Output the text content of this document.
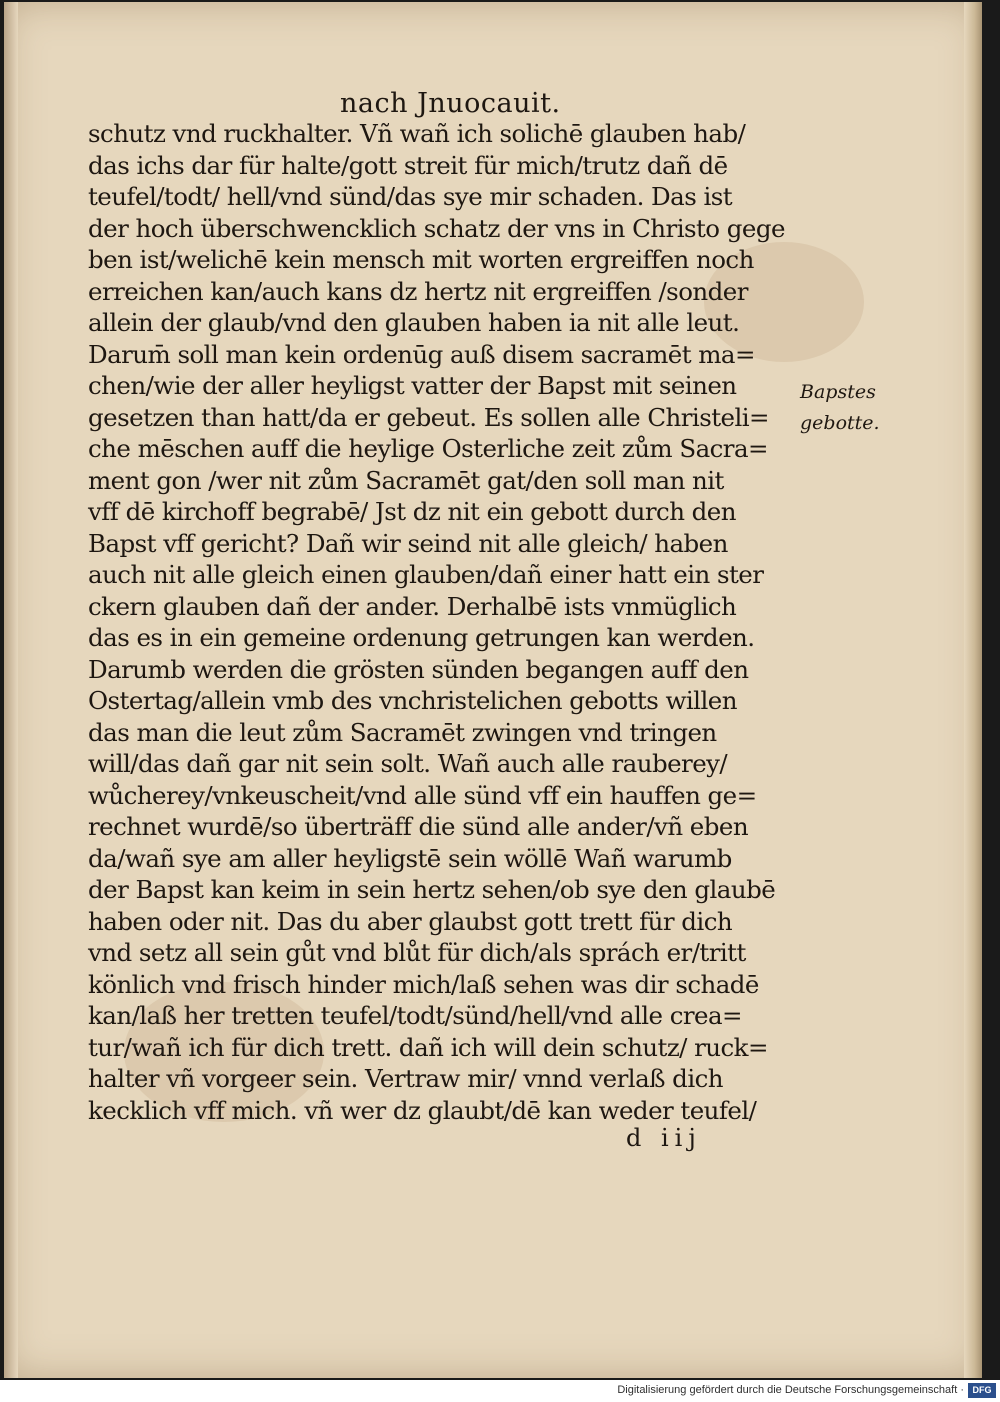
nach Jnuocauit.
schutz vnd ruckhalter. Vñ wañ ich solichē glauben hab/
das ichs dar für halte/gott streit für mich/trutz dañ dē
teufel/todt/ hell/vnd sünd/das sye mir schaden. Das ist
der hoch überschwencklich schatz der vns in Christo gege
ben ist/welichē kein mensch mit worten ergreiffen noch
erreichen kan/auch kans dz hertz nit ergreiffen /sonder
allein der glaub/vnd den glauben haben ia nit alle leut.
Darum̄ soll man kein ordenūg auß disem sacramēt ma=
chen/wie der aller heyligst vatter der Bapst mit seinen
gesetzen than hatt/da er gebeut. Es sollen alle Christeli=
che mēschen auff die heylige Osterliche zeit zům Sacra=
ment gon /wer nit zům Sacramēt gat/den soll man nit
vff dē kirchoff begrabē/ Jst dz nit ein gebott durch den
Bapst vff gericht? Dañ wir seind nit alle gleich/ haben
auch nit alle gleich einen glauben/dañ einer hatt ein ster
ckern glauben dañ der ander. Derhalbē ists vnmüglich
das es in ein gemeine ordenung getrungen kan werden.
Darumb werden die grösten sünden begangen auff den
Ostertag/allein vmb des vnchristelichen gebotts willen
das man die leut zům Sacramēt zwingen vnd tringen
will/das dañ gar nit sein solt. Wañ auch alle rauberey/
wůcherey/vnkeuscheit/vnd alle sünd vff ein hauffen ge=
rechnet wurdē/so überträff die sünd alle ander/vñ eben
da/wañ sye am aller heyligstē sein wöllē Wañ warumb
der Bapst kan keim in sein hertz sehen/ob sye den glaubē
haben oder nit. Das du aber glaubst gott trett für dich
vnd setz all sein gůt vnd blůt für dich/als sprách er/tritt
könlich vnd frisch hinder mich/laß sehen was dir schadē
kan/laß her tretten teufel/todt/sünd/hell/vnd alle crea=
tur/wañ ich für dich trett. dañ ich will dein schutz/ ruck=
halter vñ vorgeer sein. Vertraw mir/ vnnd verlaß dich
kecklich vff mich. vñ wer dz glaubt/dē kan weder teufel/
Bapstes
gebotte.
d iij
Digitalisierung gefördert durch die Deutsche Forschungsgemeinschaft · DFG
